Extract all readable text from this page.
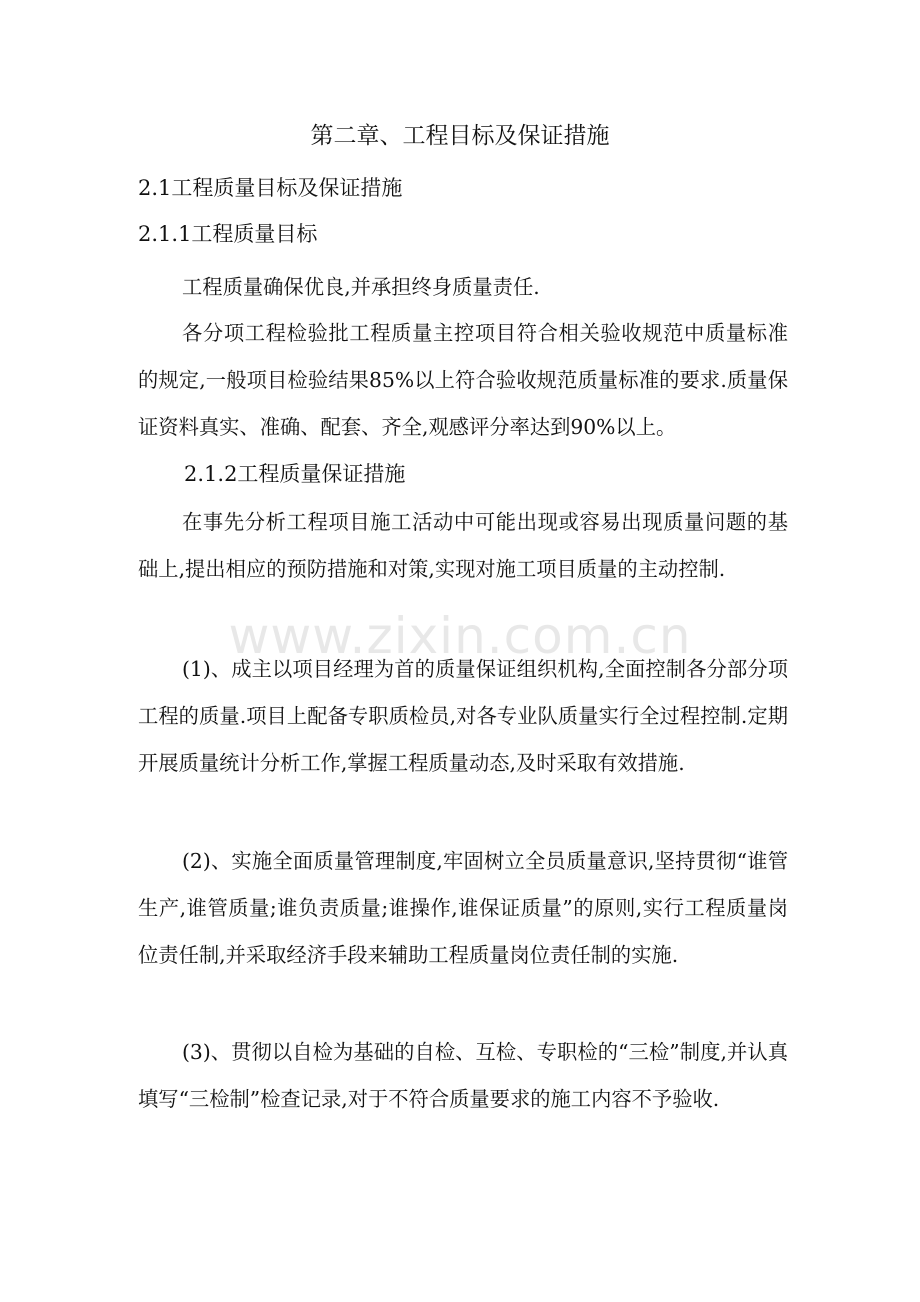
第二章、工程目标及保证措施
2.1工程质量目标及保证措施
2.1.1工程质量目标

工程质量确保优良,并承担终身质量责任.

各分项工程检验批工程质量主控项目符合相关验收规范中质量标准的规定,一般项目检验结果85%以上符合验收规范质量标准的要求.质量保证资料真实、准确、配套、齐全,观感评分率达到90%以上。

2.1.2工程质量保证措施

在事先分析工程项目施工活动中可能出现或容易出现质量问题的基础上,提出相应的预防措施和对策,实现对施工项目质量的主动控制.

(1)、成主以项目经理为首的质量保证组织机构,全面控制各分部分项工程的质量.项目上配备专职质检员,对各专业队质量实行全过程控制.定期开展质量统计分析工作,掌握工程质量动态,及时采取有效措施.

(2)、实施全面质量管理制度,牢固树立全员质量意识,坚持贯彻“谁管生产,谁管质量;谁负责质量;谁操作,谁保证质量”的原则,实行工程质量岗位责任制,并采取经济手段来辅助工程质量岗位责任制的实施.

(3)、贯彻以自检为基础的自检、互检、专职检的“三检”制度,并认真填写“三检制”检查记录,对于不符合质量要求的施工内容不予验收.

www.zixin.com.cn
